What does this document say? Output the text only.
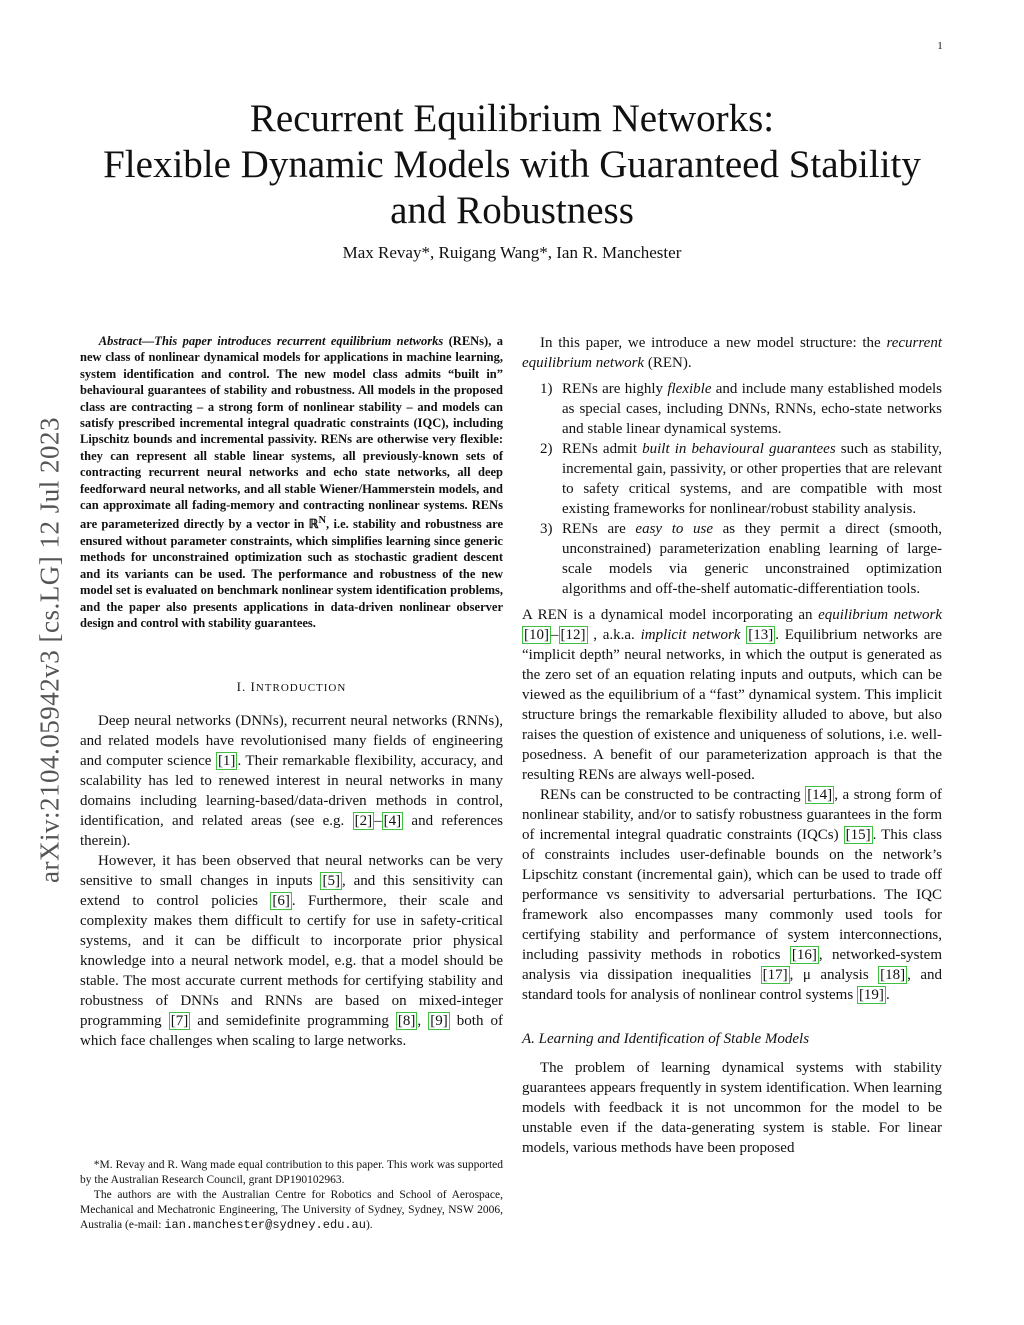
1
arXiv:2104.05942v3 [cs.LG] 12 Jul 2023
Recurrent Equilibrium Networks:
Flexible Dynamic Models with Guaranteed Stability
and Robustness
Max Revay*, Ruigang Wang*, Ian R. Manchester

Abstract—This paper introduces recurrent equilibrium networks (RENs), a new class of nonlinear dynamical models for applications in machine learning, system identification and control. The new model class admits “built in” behavioural guarantees of stability and robustness. All models in the proposed class are contracting – a strong form of nonlinear stability – and models can satisfy prescribed incremental integral quadratic constraints (IQC), including Lipschitz bounds and incremental passivity. RENs are otherwise very flexible: they can represent all stable linear systems, all previously-known sets of contracting recurrent neural networks and echo state networks, all deep feedforward neural networks, and all stable Wiener/Hammerstein models, and can approximate all fading-memory and contracting nonlinear systems. RENs are parameterized directly by a vector in ℝ$^N$, i.e. stability and robustness are ensured without parameter constraints, which simplifies learning since generic methods for unconstrained optimization such as stochastic gradient descent and its variants can be used. The performance and robustness of the new model set is evaluated on benchmark nonlinear system identification problems, and the paper also presents applications in data-driven nonlinear observer design and control with stability guarantees.

I. INTRODUCTION

Deep neural networks (DNNs), recurrent neural networks (RNNs), and related models have revolutionised many fields of engineering and computer science [1] . Their remarkable flexibility, accuracy, and scalability has led to renewed interest in neural networks in many domains including learning-based/data-driven methods in control, identification, and related areas (see e.g. [2] – [4] and references therein).

However, it has been observed that neural networks can be very sensitive to small changes in inputs [5] , and this sensitivity can extend to control policies [6] . Furthermore, their scale and complexity makes them difficult to certify for use in safety-critical systems, and it can be difficult to incorporate prior physical knowledge into a neural network model, e.g. that a model should be stable. The most accurate current methods for certifying stability and robustness of DNNs and RNNs are based on mixed-integer programming [7] and semidefinite programming [8] , [9] both of which face challenges when scaling to large networks.

*M. Revay and R. Wang made equal contribution to this paper. This work was supported by the Australian Research Council, grant DP190102963.

The authors are with the Australian Centre for Robotics and School of Aerospace, Mechanical and Mechatronic Engineering, The University of Sydney, Sydney, NSW 2006, Australia (e-mail: ian.manchester@sydney.edu.au).

In this paper, we introduce a new model structure: the recurrent equilibrium network (REN).

1) RENs are highly flexible and include many established models as special cases, including DNNs, RNNs, echo-state networks and stable linear dynamical systems.
2) RENs admit built in behavioural guarantees such as stability, incremental gain, passivity, or other properties that are relevant to safety critical systems, and are compatible with most existing frameworks for nonlinear/robust stability analysis.
3) RENs are easy to use as they permit a direct (smooth, unconstrained) parameterization enabling learning of large-scale models via generic unconstrained optimization algorithms and off-the-shelf automatic-differentiation tools.

A REN is a dynamical model incorporating an equilibrium network [10] – [12] , a.k.a. implicit network [13] . Equilibrium networks are “implicit depth” neural networks, in which the output is generated as the zero set of an equation relating inputs and outputs, which can be viewed as the equilibrium of a “fast” dynamical system. This implicit structure brings the remarkable flexibility alluded to above, but also raises the question of existence and uniqueness of solutions, i.e. well-posedness. A benefit of our parameterization approach is that the resulting RENs are always well-posed.

RENs can be constructed to be contracting [14] , a strong form of nonlinear stability, and/or to satisfy robustness guarantees in the form of incremental integral quadratic constraints (IQCs) [15] . This class of constraints includes user-definable bounds on the network’s Lipschitz constant (incremental gain), which can be used to trade off performance vs sensitivity to adversarial perturbations. The IQC framework also encompasses many commonly used tools for certifying stability and performance of system interconnections, including passivity methods in robotics [16] , networked-system analysis via dissipation inequalities [17] , μ analysis [18] , and standard tools for analysis of nonlinear control systems [19] .

A. Learning and Identification of Stable Models

The problem of learning dynamical systems with stability guarantees appears frequently in system identification. When learning models with feedback it is not uncommon for the model to be unstable even if the data-generating system is stable. For linear models, various methods have been proposed
